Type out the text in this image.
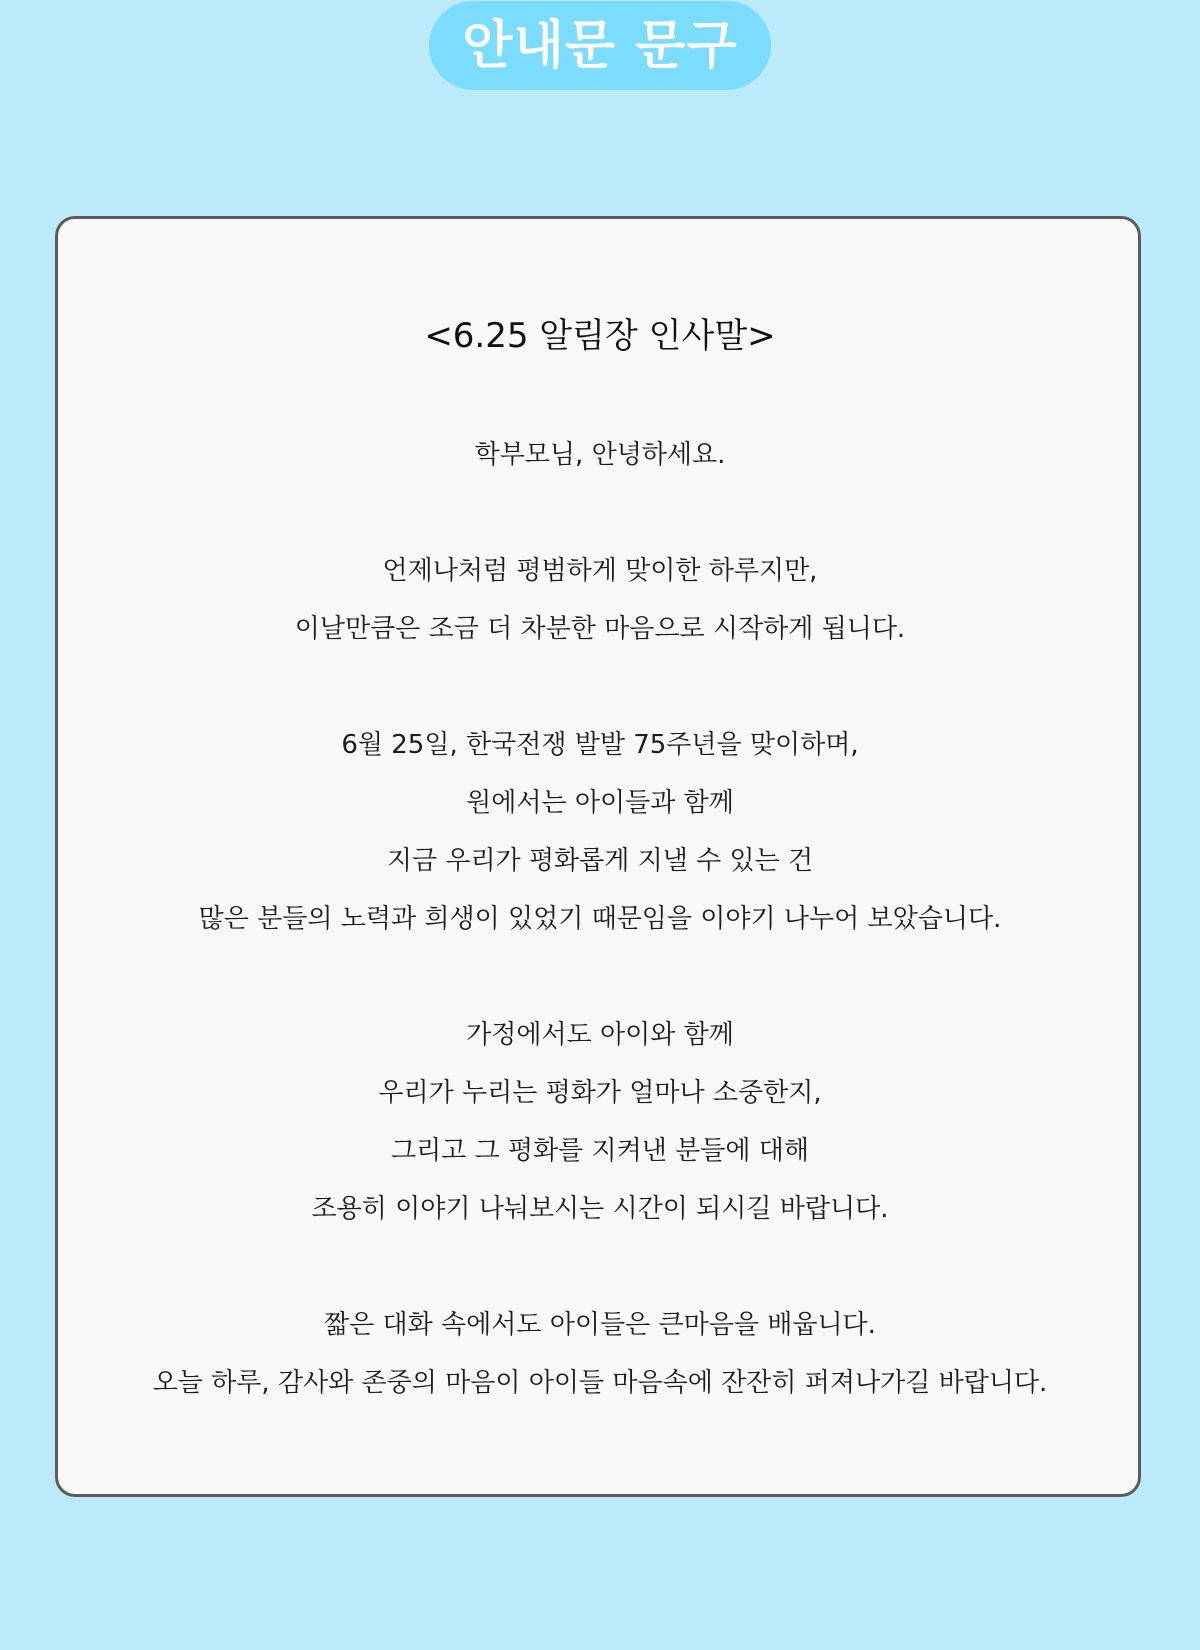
안내문 문구
<6.25 알림장 인사말>
학부모님, 안녕하세요.
언제나처럼 평범하게 맞이한 하루지만,
이날만큼은 조금 더 차분한 마음으로 시작하게 됩니다.
6월 25일, 한국전쟁 발발 75주년을 맞이하며,
원에서는 아이들과 함께
지금 우리가 평화롭게 지낼 수 있는 건
많은 분들의 노력과 희생이 있었기 때문임을 이야기 나누어 보았습니다.
가정에서도 아이와 함께
우리가 누리는 평화가 얼마나 소중한지,
그리고 그 평화를 지켜낸 분들에 대해
조용히 이야기 나눠보시는 시간이 되시길 바랍니다.
짧은 대화 속에서도 아이들은 큰마음을 배웁니다.
오늘 하루, 감사와 존중의 마음이 아이들 마음속에 잔잔히 퍼져나가길 바랍니다.
